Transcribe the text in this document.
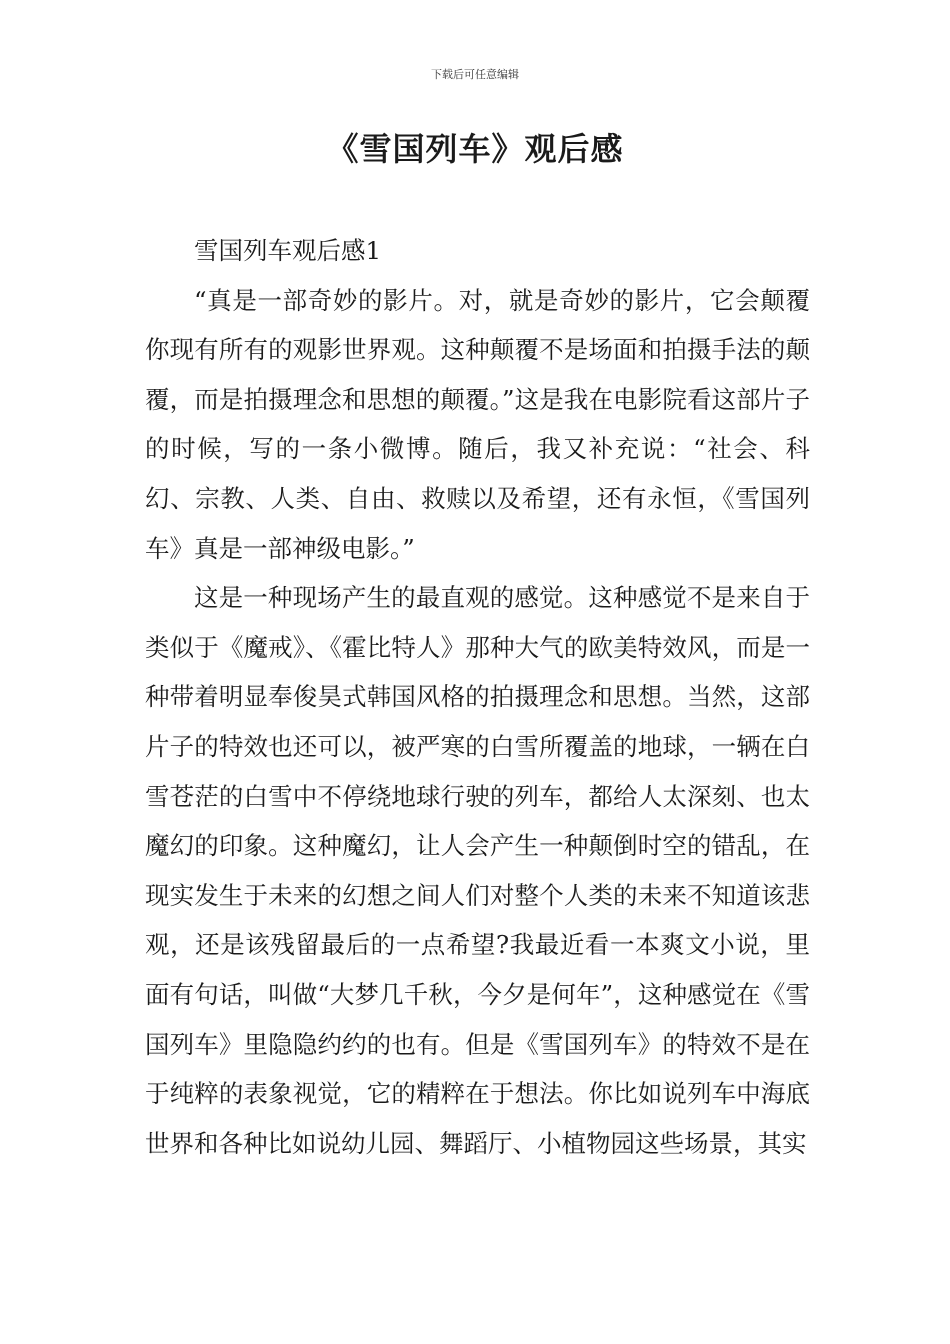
下载后可任意编辑
《雪国列车》观后感

雪国列车观后感1

“真是一部奇妙的影片。对，就是奇妙的影片，它会颠覆你现有所有的观影世界观。这种颠覆不是场面和拍摄手法的颠覆，而是拍摄理念和思想的颠覆。”这是我在电影院看这部片子的时候，写的一条小微博。随后，我又补充说：“社会、科幻、宗教、人类、自由、救赎以及希望，还有永恒，《雪国列车》真是一部神级电影。”

这是一种现场产生的最直观的感觉。这种感觉不是来自于类似于《魔戒》、《霍比特人》那种大气的欧美特效风，而是一种带着明显奉俊昊式韩国风格的拍摄理念和思想。当然，这部片子的特效也还可以，被严寒的白雪所覆盖的地球，一辆在白雪苍茫的白雪中不停绕地球行驶的列车，都给人太深刻、也太魔幻的印象。这种魔幻，让人会产生一种颠倒时空的错乱，在现实发生于未来的幻想之间人们对整个人类的未来不知道该悲观，还是该残留最后的一点希望?我最近看一本爽文小说，里面有句话，叫做“大梦几千秋，今夕是何年”，这种感觉在《雪国列车》里隐隐约约的也有。但是《雪国列车》的特效不是在于纯粹的表象视觉，它的精粹在于想法。你比如说列车中海底世界和各种比如说幼儿园、舞蹈厅、小植物园这些场景，其实
